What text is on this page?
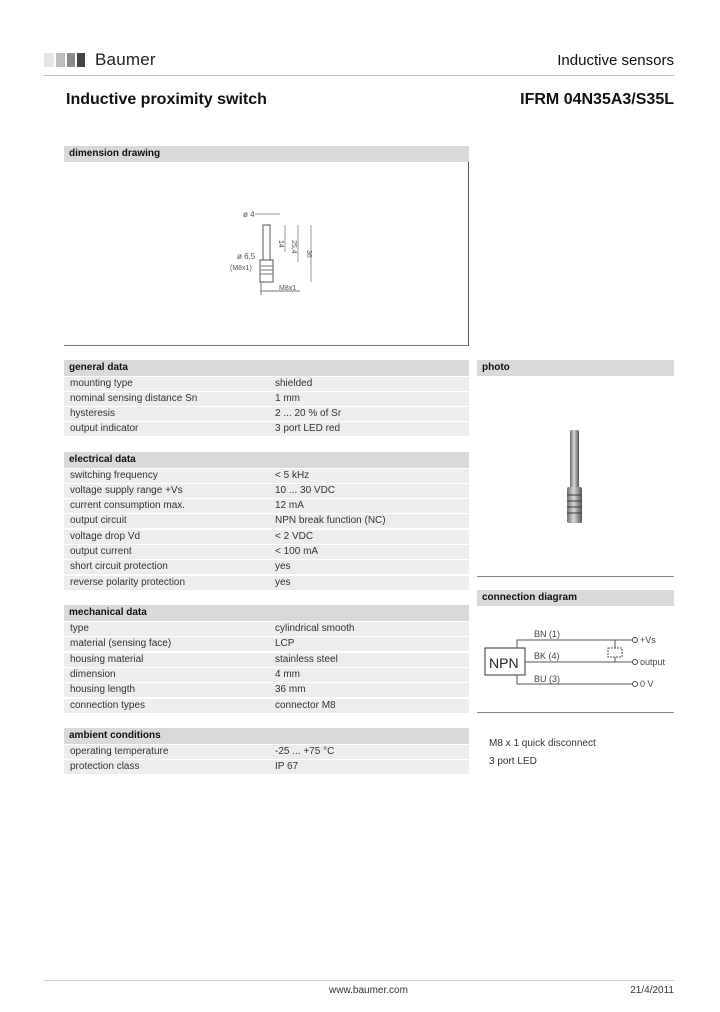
Baumer	Inductive sensors
Inductive proximity switch	IFRM 04N35A3/S35L
dimension drawing
ø 4
ø 6,5
(M8x1)
14 25,4
36
M8x1
general data
mounting type	shielded
nominal sensing distance Sn	1 mm
hysteresis	2 ... 20 % of Sr
output indicator	3 port LED red
electrical data
switching frequency	< 5 kHz
voltage supply range +Vs	10 ... 30 VDC
current consumption max.	12 mA
output circuit	NPN break function (NC)
voltage drop Vd	< 2 VDC
output current	< 100 mA
short circuit protection	yes
reverse polarity protection	yes
mechanical data
type	cylindrical smooth
material (sensing face)	LCP
housing material	stainless steel
dimension	4 mm
housing length	36 mm
connection types	connector M8
ambient conditions
operating temperature	-25 ... +75 °C
protection class	IP 67
photo
connection diagram
NPN
BN (1)
+Vs
BK (4)
output
BU (3)	0 V
M8 x 1 quick disconnect
3 port LED
www.baumer.com	21/4/2011
